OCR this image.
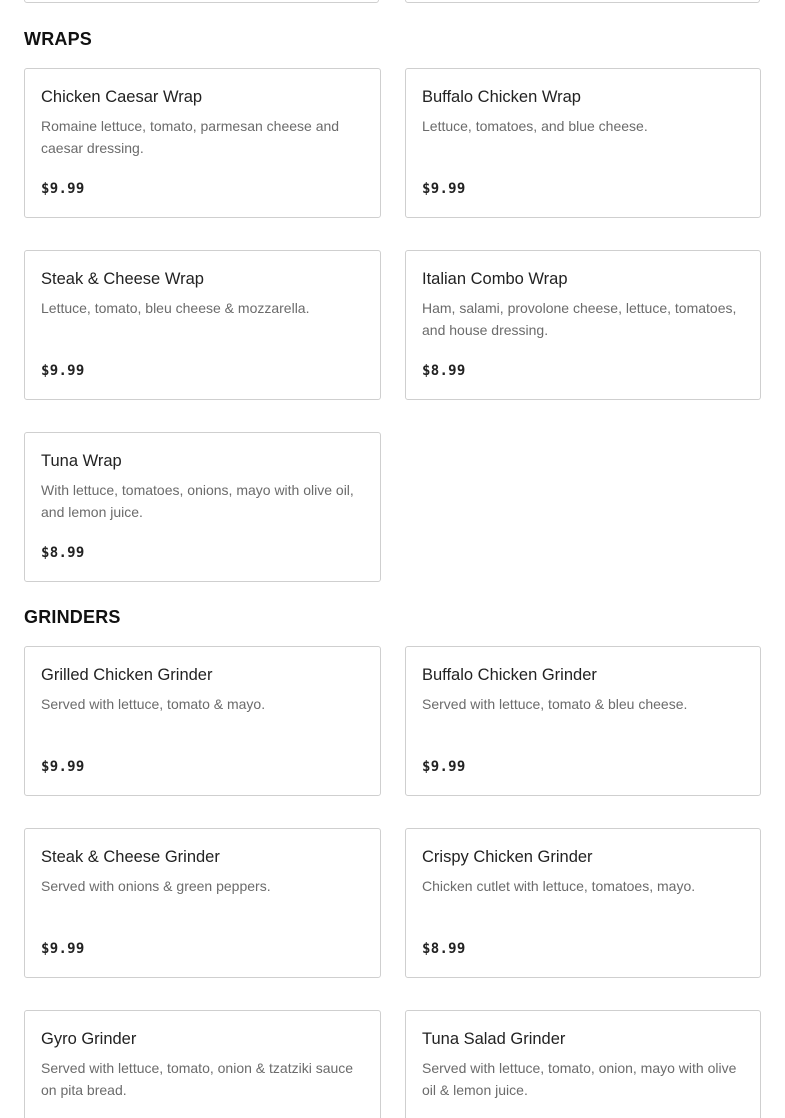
WRAPS
Chicken Caesar Wrap
Romaine lettuce, tomato, parmesan cheese and caesar dressing.
$9.99
Buffalo Chicken Wrap
Lettuce, tomatoes, and blue cheese.
$9.99
Steak & Cheese Wrap
Lettuce, tomato, bleu cheese & mozzarella.
$9.99
Italian Combo Wrap
Ham, salami, provolone cheese, lettuce, tomatoes, and house dressing.
$8.99
Tuna Wrap
With lettuce, tomatoes, onions, mayo with olive oil, and lemon juice.
$8.99
GRINDERS
Grilled Chicken Grinder
Served with lettuce, tomato & mayo.
$9.99
Buffalo Chicken Grinder
Served with lettuce, tomato & bleu cheese.
$9.99
Steak & Cheese Grinder
Served with onions & green peppers.
$9.99
Crispy Chicken Grinder
Chicken cutlet with lettuce, tomatoes, mayo.
$8.99
Gyro Grinder
Served with lettuce, tomato, onion & tzatziki sauce on pita bread.
Tuna Salad Grinder
Served with lettuce, tomato, onion, mayo with olive oil & lemon juice.
